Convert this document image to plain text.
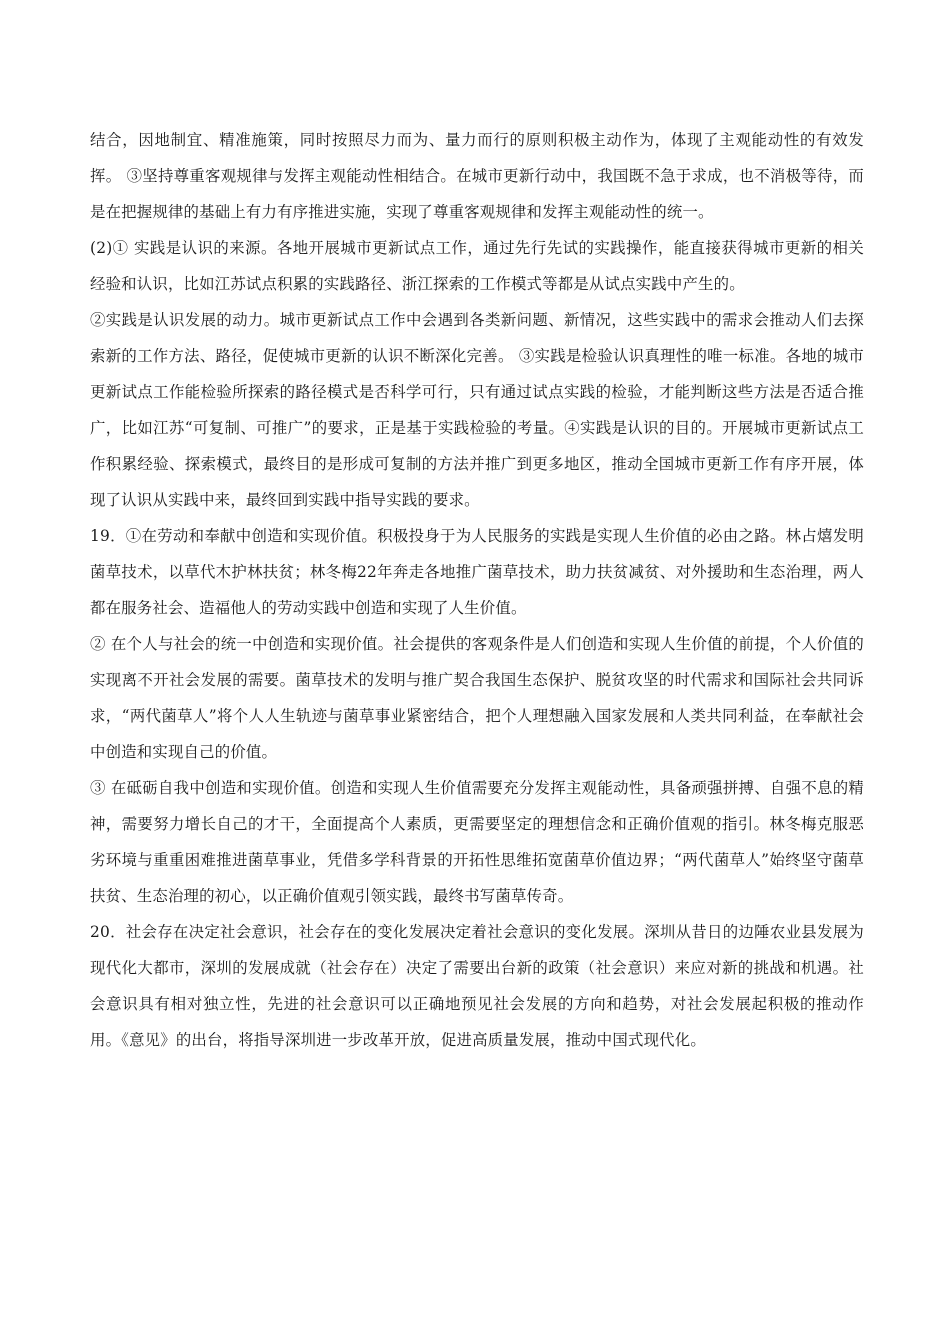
结合，因地制宜、精准施策，同时按照尽力而为、量力而行的原则积极主动作为，体现了主观能动性的有效发挥。 ③坚持尊重客观规律与发挥主观能动性相结合。在城市更新行动中，我国既不急于求成，也不消极等待，而是在把握规律的基础上有力有序推进实施，实现了尊重客观规律和发挥主观能动性的统一。

(2)① 实践是认识的来源。各地开展城市更新试点工作，通过先行先试的实践操作，能直接获得城市更新的相关经验和认识，比如江苏试点积累的实践路径、浙江探索的工作模式等都是从试点实践中产生的。

②实践是认识发展的动力。城市更新试点工作中会遇到各类新问题、新情况，这些实践中的需求会推动人们去探索新的工作方法、路径，促使城市更新的认识不断深化完善。 ③实践是检验认识真理性的唯一标准。各地的城市更新试点工作能检验所探索的路径模式是否科学可行，只有通过试点实践的检验，才能判断这些方法是否适合推广，比如江苏“可复制、可推广”的要求，正是基于实践检验的考量。④实践是认识的目的。开展城市更新试点工作积累经验、探索模式，最终目的是形成可复制的方法并推广到更多地区，推动全国城市更新工作有序开展，体现了认识从实践中来，最终回到实践中指导实践的要求。

19．①在劳动和奉献中创造和实现价值。积极投身于为人民服务的实践是实现人生价值的必由之路。林占熺发明菌草技术，以草代木护林扶贫；林冬梅22年奔走各地推广菌草技术，助力扶贫减贫、对外援助和生态治理，两人都在服务社会、造福他人的劳动实践中创造和实现了人生价值。

② 在个人与社会的统一中创造和实现价值。社会提供的客观条件是人们创造和实现人生价值的前提，个人价值的实现离不开社会发展的需要。菌草技术的发明与推广契合我国生态保护、脱贫攻坚的时代需求和国际社会共同诉求，“两代菌草人”将个人人生轨迹与菌草事业紧密结合，把个人理想融入国家发展和人类共同利益，在奉献社会中创造和实现自己的价值。

③ 在砥砺自我中创造和实现价值。创造和实现人生价值需要充分发挥主观能动性，具备顽强拼搏、自强不息的精神，需要努力增长自己的才干，全面提高个人素质，更需要坚定的理想信念和正确价值观的指引。林冬梅克服恶劣环境与重重困难推进菌草事业，凭借多学科背景的开拓性思维拓宽菌草价值边界；“两代菌草人”始终坚守菌草扶贫、生态治理的初心，以正确价值观引领实践，最终书写菌草传奇。

20．社会存在决定社会意识，社会存在的变化发展决定着社会意识的变化发展。深圳从昔日的边陲农业县发展为现代化大都市，深圳的发展成就（社会存在）决定了需要出台新的政策（社会意识）来应对新的挑战和机遇。社会意识具有相对独立性，先进的社会意识可以正确地预见社会发展的方向和趋势，对社会发展起积极的推动作用。《意见》的出台，将指导深圳进一步改革开放，促进高质量发展，推动中国式现代化。
